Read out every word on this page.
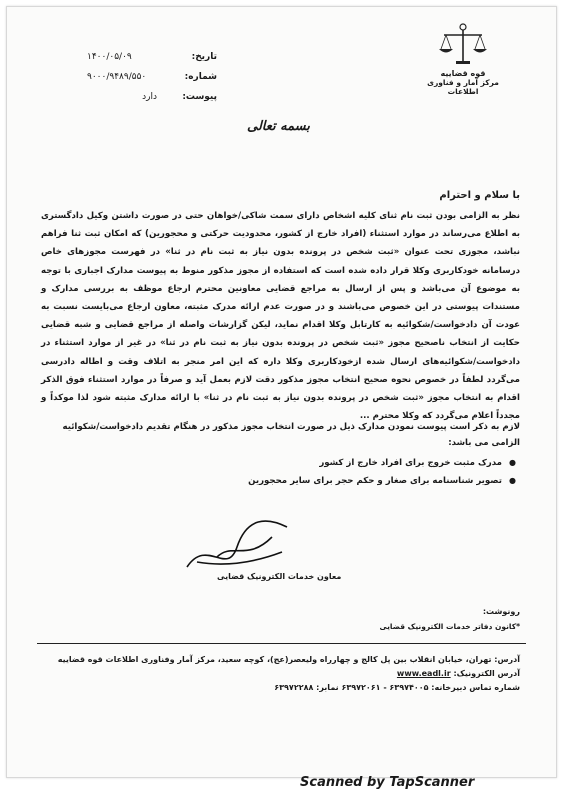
قوه قضاییه
مرکز آمار و فناوری اطلاعات
تاریخ:
۱۴۰۰/۰۵/۰۹
شماره:
۹۰۰۰/۹۴۸۹/۵۵۰
پیوست:
دارد
بسمه تعالی
با سلام و احترام
نظر به الزامی بودن ثبت نام ثنای کلیه اشخاص دارای سمت شاکی/خواهان حتی در صورت داشتن وکیل دادگستری به اطلاع می‌رساند در موارد استثناء (افراد خارج از کشور، محدودیت حرکتی و محجورین) که امکان ثبت ثنا فراهم نباشد، مجوزی تحت عنوان «ثبت شخص در پرونده بدون نیاز به ثبت نام در ثنا» در فهرست مجوزهای خاص درسامانه خودکاربری وکلا قرار داده شده است که استفاده از مجوز مذکور منوط به پیوست مدارک اجباری با توجه به موضوع آن می‌باشد و پس از ارسال به مراجع قضایی معاونین محترم ارجاع موظف به بررسی مدارک و مستندات پیوستی در این خصوص می‌باشند و در صورت عدم ارائه مدرک مثبته، معاون ارجاع می‌بایست نسبت به عودت آن دادخواست/شکوائیه به کارتابل وکلا اقدام نماید، لیکن گزارشات واصله از مراجع قضایی و شبه قضایی حکایت از انتخاب ناصحیح مجوز «ثبت شخص در پرونده بدون نیاز به ثبت نام در ثنا» در غیر از موارد استثناء در دادخواست/شکوائیه‌های ارسال شده ازخودکاربری وکلا داره که این امر منجر به اتلاف وقت و اطاله دادرسی می‌گردد لطفاً در خصوص نحوه صحیح انتخاب مجوز مذکور دقت لازم بعمل آید و صرفاً در موارد استثناء فوق الذکر اقدام به انتخاب مجوز «ثبت شخص در پرونده بدون نیاز به ثبت نام در ثنا» با ارائه مدارک مثبته شود لذا موکداً و مجدداً اعلام می‌گردد که وکلا محترم ...
لازم به ذکر است پیوست نمودن مدارک ذیل در صورت انتخاب مجوز مذکور در هنگام تقدیم دادخواست/شکوائیه الزامی می باشد:
● مدرک مثبت خروج برای افراد خارج از کشور
● تصویر شناسنامه برای صغار و حکم حجر برای سایر محجورین
معاون خدمات الکترونیک قضایی
رونوشت:
*کانون دفاتر خدمات الکترونیک قضایی
آدرس: تهران، خیابان انقلاب بین پل کالج و چهارراه ولیعصر(عج)، کوچه سعید، مرکز آمار وفناوری اطلاعات قوه قضاییه
آدرس الکترونیک: www.eadl.ir
شماره تماس دبیرخانه: ۶۳۹۷۴۰۰۵ - ۶۳۹۷۲۰۶۱ نمابر: ۶۳۹۷۲۲۸۸
Scanned by TapScanner
